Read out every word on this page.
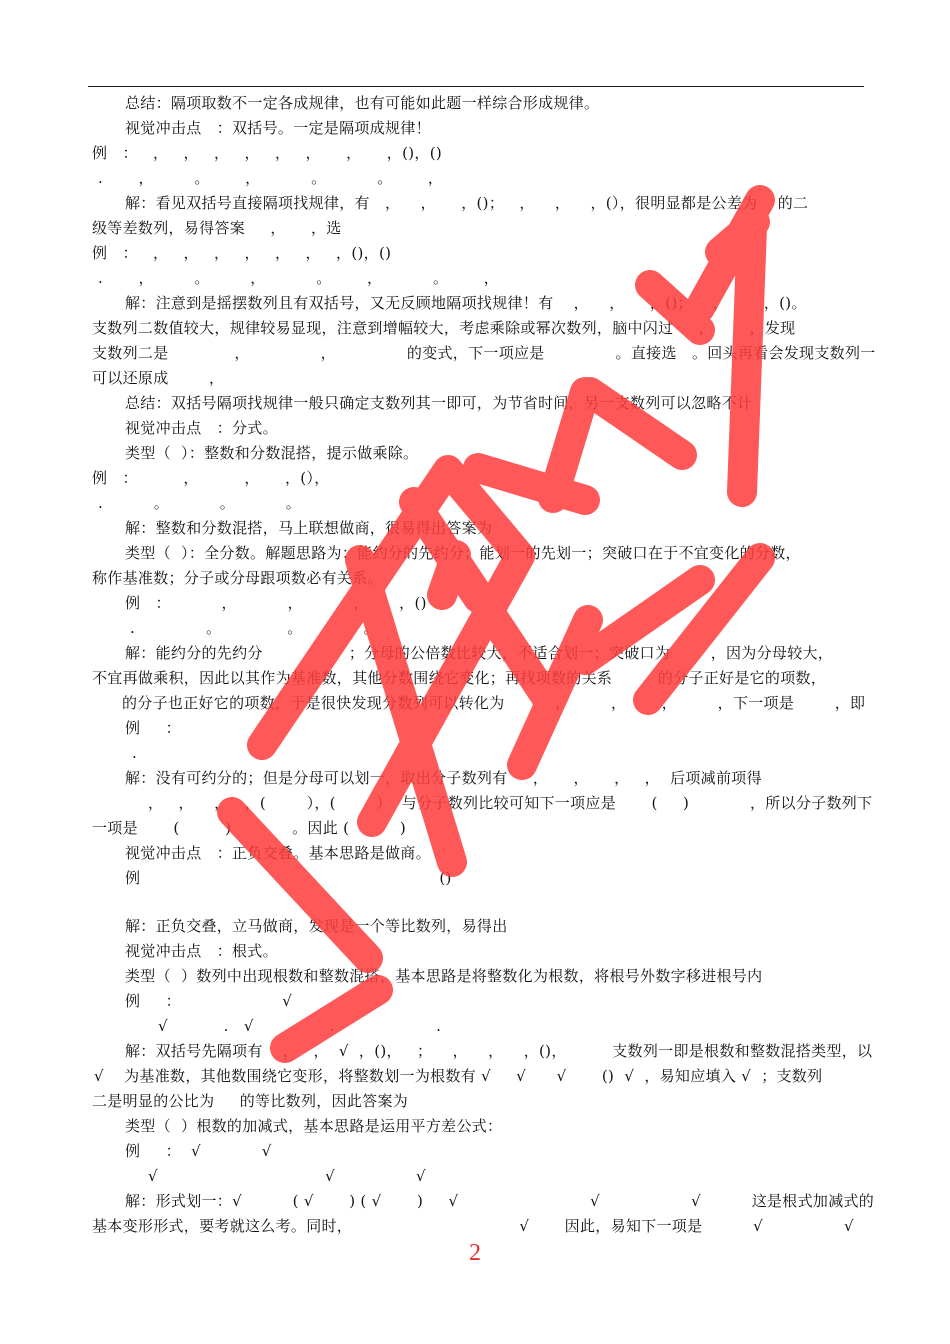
总结：隔项取数不一定各成规律，也有可能如此题一样综合形成规律。
视觉冲击点   ：双括号。一定是隔项成规律！
例   ：   ，   ，   ，   ，   ，   ，     ，     ，()，()
.       ，        。       ，          。          。       ，
解：看见双括号直接隔项找规律，有   ，    ，     ，()；   ，    ，    ，(），很明显都是公差为    的二
级等差数列，易得答案     ，     ，选
例   ：   ，   ，   ，   ，   ，   ，   ，()，()
.       ，        。        ，          。       ，          。       ，
解：注意到是摇摆数列且有双括号，又无反顾地隔项找规律！有    ，    ，     ，()；    ，       ，()。
支数列二数值较大，规律较易显现，注意到增幅较大，考虑乘除或幂次数列，脑中闪过     ，       ，发现
支数列二是             ，              ，              的变式，下一项应是              。直接选   。回头再看会发现支数列一
可以还原成        ，
总结：双括号隔项找规律一般只确定支数列其一即可，为节省时间，另一支数列可以忽略不计
视觉冲击点   ：分式。
类型（  ）：整数和分数混搭，提示做乘除。
例   ：         ，         ，     ，(），
.          。          。          。
解：整数和分数混搭，马上联想做商，很易得出答案为
类型（  ）：全分数。解题思路为：能约分的先约分；能划一的先划一；突破口在于不宜变化的分数，
称作基准数；分子或分母跟项数必有关系。
例   ：          ，          ，          ，      ，()
.              。             。            。
解：能约分的先约分                 ；分母的公倍数比较大，不适合划一；突破口为        ，因为分母较大，
不宜再做乘积，因此以其作为基准数，其他分数围绕它变化；再找项数的关系         的分子正好是它的项数，
的分子也正好它的项数，于是很快发现分数列可以转化为          ，        ，       ，        ，下一项是        ，即
例     ：
.
解：没有可约分的；但是分母可以划一，取出分子数列有     ，     ，     ，   ，  后项减前项得
，   ，    ，   ，(        ），(        ）  与分子数列比较可知下一项应是       (     )            ，所以分子数列下
一项是       (         )            。因此 (          )
视觉冲击点   ：正负交叠。基本思路是做商。
例                                                           ()
解：正负交叠，立马做商，发现是一个等比数列，易得出
视觉冲击点   ：根式。
类型（  ）数列中出现根数和整数混搭，基本思路是将整数化为根数，将根号外数字移进根号内
例     ：                    √
√           .   √               .                    .
解：双括号先隔项有    ，   ，  √  ，()，   ；    ，    ，    ，()，         支数列一即是根数和整数混搭类型，以
√    为基准数，其他数围绕它变形，将整数划一为根数有 √     √      √       ()  √  ，易知应填入 √  ；支数列
二是明显的公比为     的等比数列，因此答案为
类型（  ）根数的加减式，基本思路是运用平方差公式：
例     ：  √            √
√                                 √                √
解：形式划一：√          ( √       ) ( √       )     √                          √                  √          这是根式加减式的
基本变形形式，要考就这么考。同时，                                 √       因此，易知下一项是          √                √
2
